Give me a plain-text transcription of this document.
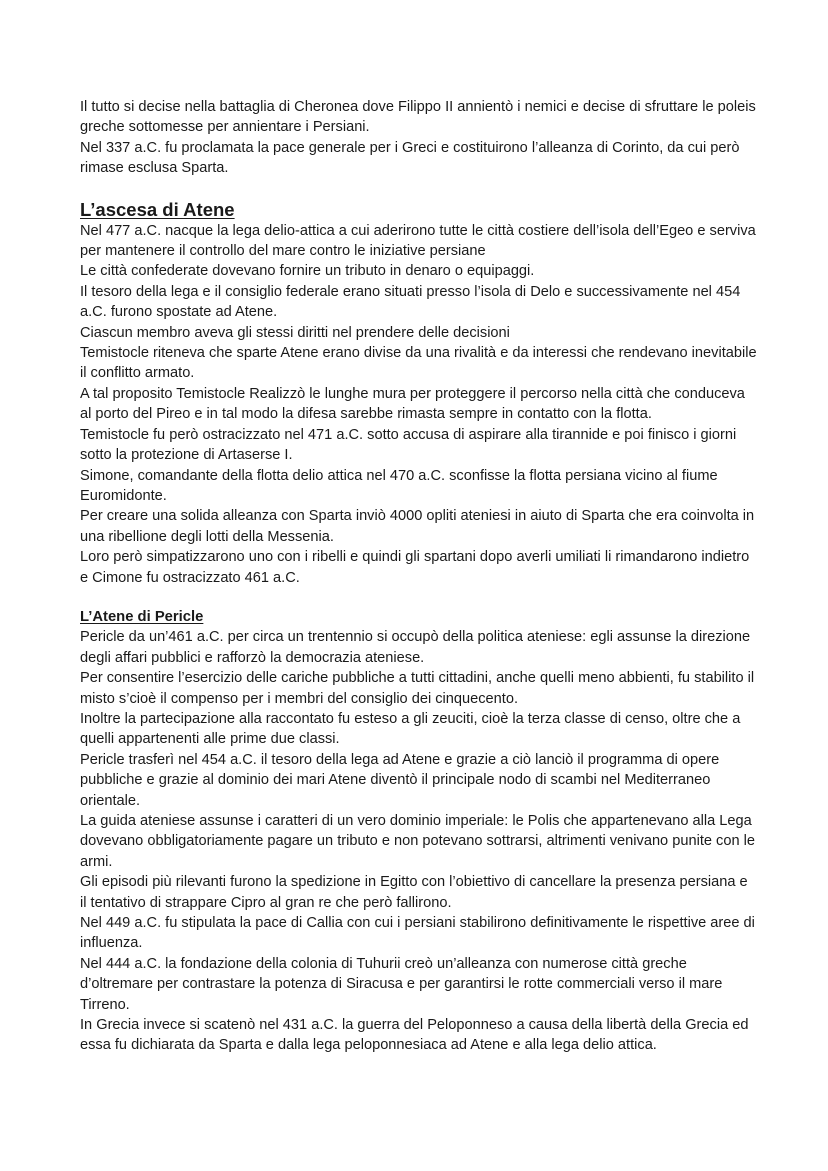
Il tutto si decise nella battaglia di Cheronea dove Filippo II annientò i nemici e decise di sfruttare le poleis greche sottomesse per annientare i Persiani.

Nel 337 a.C. fu proclamata la pace generale per i Greci e costituirono l’alleanza di Corinto, da cui però rimase esclusa Sparta.

L’ascesa di Atene

Nel 477 a.C. nacque la lega delio-attica a cui aderirono tutte le città costiere dell’isola dell’Egeo e serviva per mantenere il controllo del mare contro le iniziative persiane

Le città confederate dovevano fornire un tributo in denaro o equipaggi.

Il tesoro della lega e il consiglio federale erano situati presso l’isola di Delo e successivamente nel 454 a.C. furono spostate ad Atene.

Ciascun membro aveva gli stessi diritti nel prendere delle decisioni

Temistocle riteneva che sparte Atene erano divise da una rivalità e da interessi che rendevano inevitabile il conflitto armato.

A tal proposito Temistocle Realizzò le lunghe mura per proteggere il percorso nella città che conduceva al porto del Pireo e in tal modo la difesa sarebbe rimasta sempre in contatto con la flotta.

Temistocle fu però ostracizzato nel 471 a.C. sotto accusa di aspirare alla tirannide e poi finisco i giorni sotto la protezione di Artaserse I.

Simone, comandante della flotta delio attica nel 470 a.C. sconfisse la flotta persiana vicino al fiume Euromidonte.

Per creare una solida alleanza con Sparta inviò 4000 opliti ateniesi in aiuto di Sparta che era coinvolta in una ribellione degli lotti della Messenia.

Loro però simpatizzarono uno con i ribelli e quindi gli spartani dopo averli umiliati li rimandarono indietro e Cimone fu ostracizzato 461 a.C.

L’Atene di Pericle

Pericle da un’461 a.C. per circa un trentennio si occupò della politica ateniese: egli assunse la direzione degli affari pubblici e rafforzò la democrazia ateniese.

Per consentire l’esercizio delle cariche pubbliche a tutti cittadini, anche quelli meno abbienti, fu stabilito il misto s’cioè il compenso per i membri del consiglio dei cinquecento.

Inoltre la partecipazione alla raccontato fu esteso a gli zeuciti, cioè la terza classe di censo, oltre che a quelli appartenenti alle prime due classi.

Pericle trasferì nel 454 a.C. il tesoro della lega ad Atene e grazie a ciò lanciò il programma di opere pubbliche e grazie al dominio dei mari Atene diventò il principale nodo di scambi nel Mediterraneo orientale.

La guida ateniese assunse i caratteri di un vero dominio imperiale: le Polis che appartenevano alla Lega dovevano obbligatoriamente pagare un tributo e non potevano sottrarsi, altrimenti venivano punite con le armi.

Gli episodi più rilevanti furono la spedizione in Egitto con l’obiettivo di cancellare la presenza persiana e il tentativo di strappare Cipro al gran re che però fallirono.

Nel 449 a.C. fu stipulata la pace di Callia con cui i persiani stabilirono definitivamente le rispettive aree di influenza.

Nel 444 a.C. la fondazione della colonia di Tuhurii creò un’alleanza con numerose città greche d’oltremare per contrastare la potenza di Siracusa e per garantirsi le rotte commerciali verso il mare Tirreno.

In Grecia invece si scatenò nel 431 a.C. la guerra del Peloponneso a causa della libertà della Grecia ed essa fu dichiarata da Sparta e dalla lega peloponnesiaca ad Atene e alla lega delio attica.
